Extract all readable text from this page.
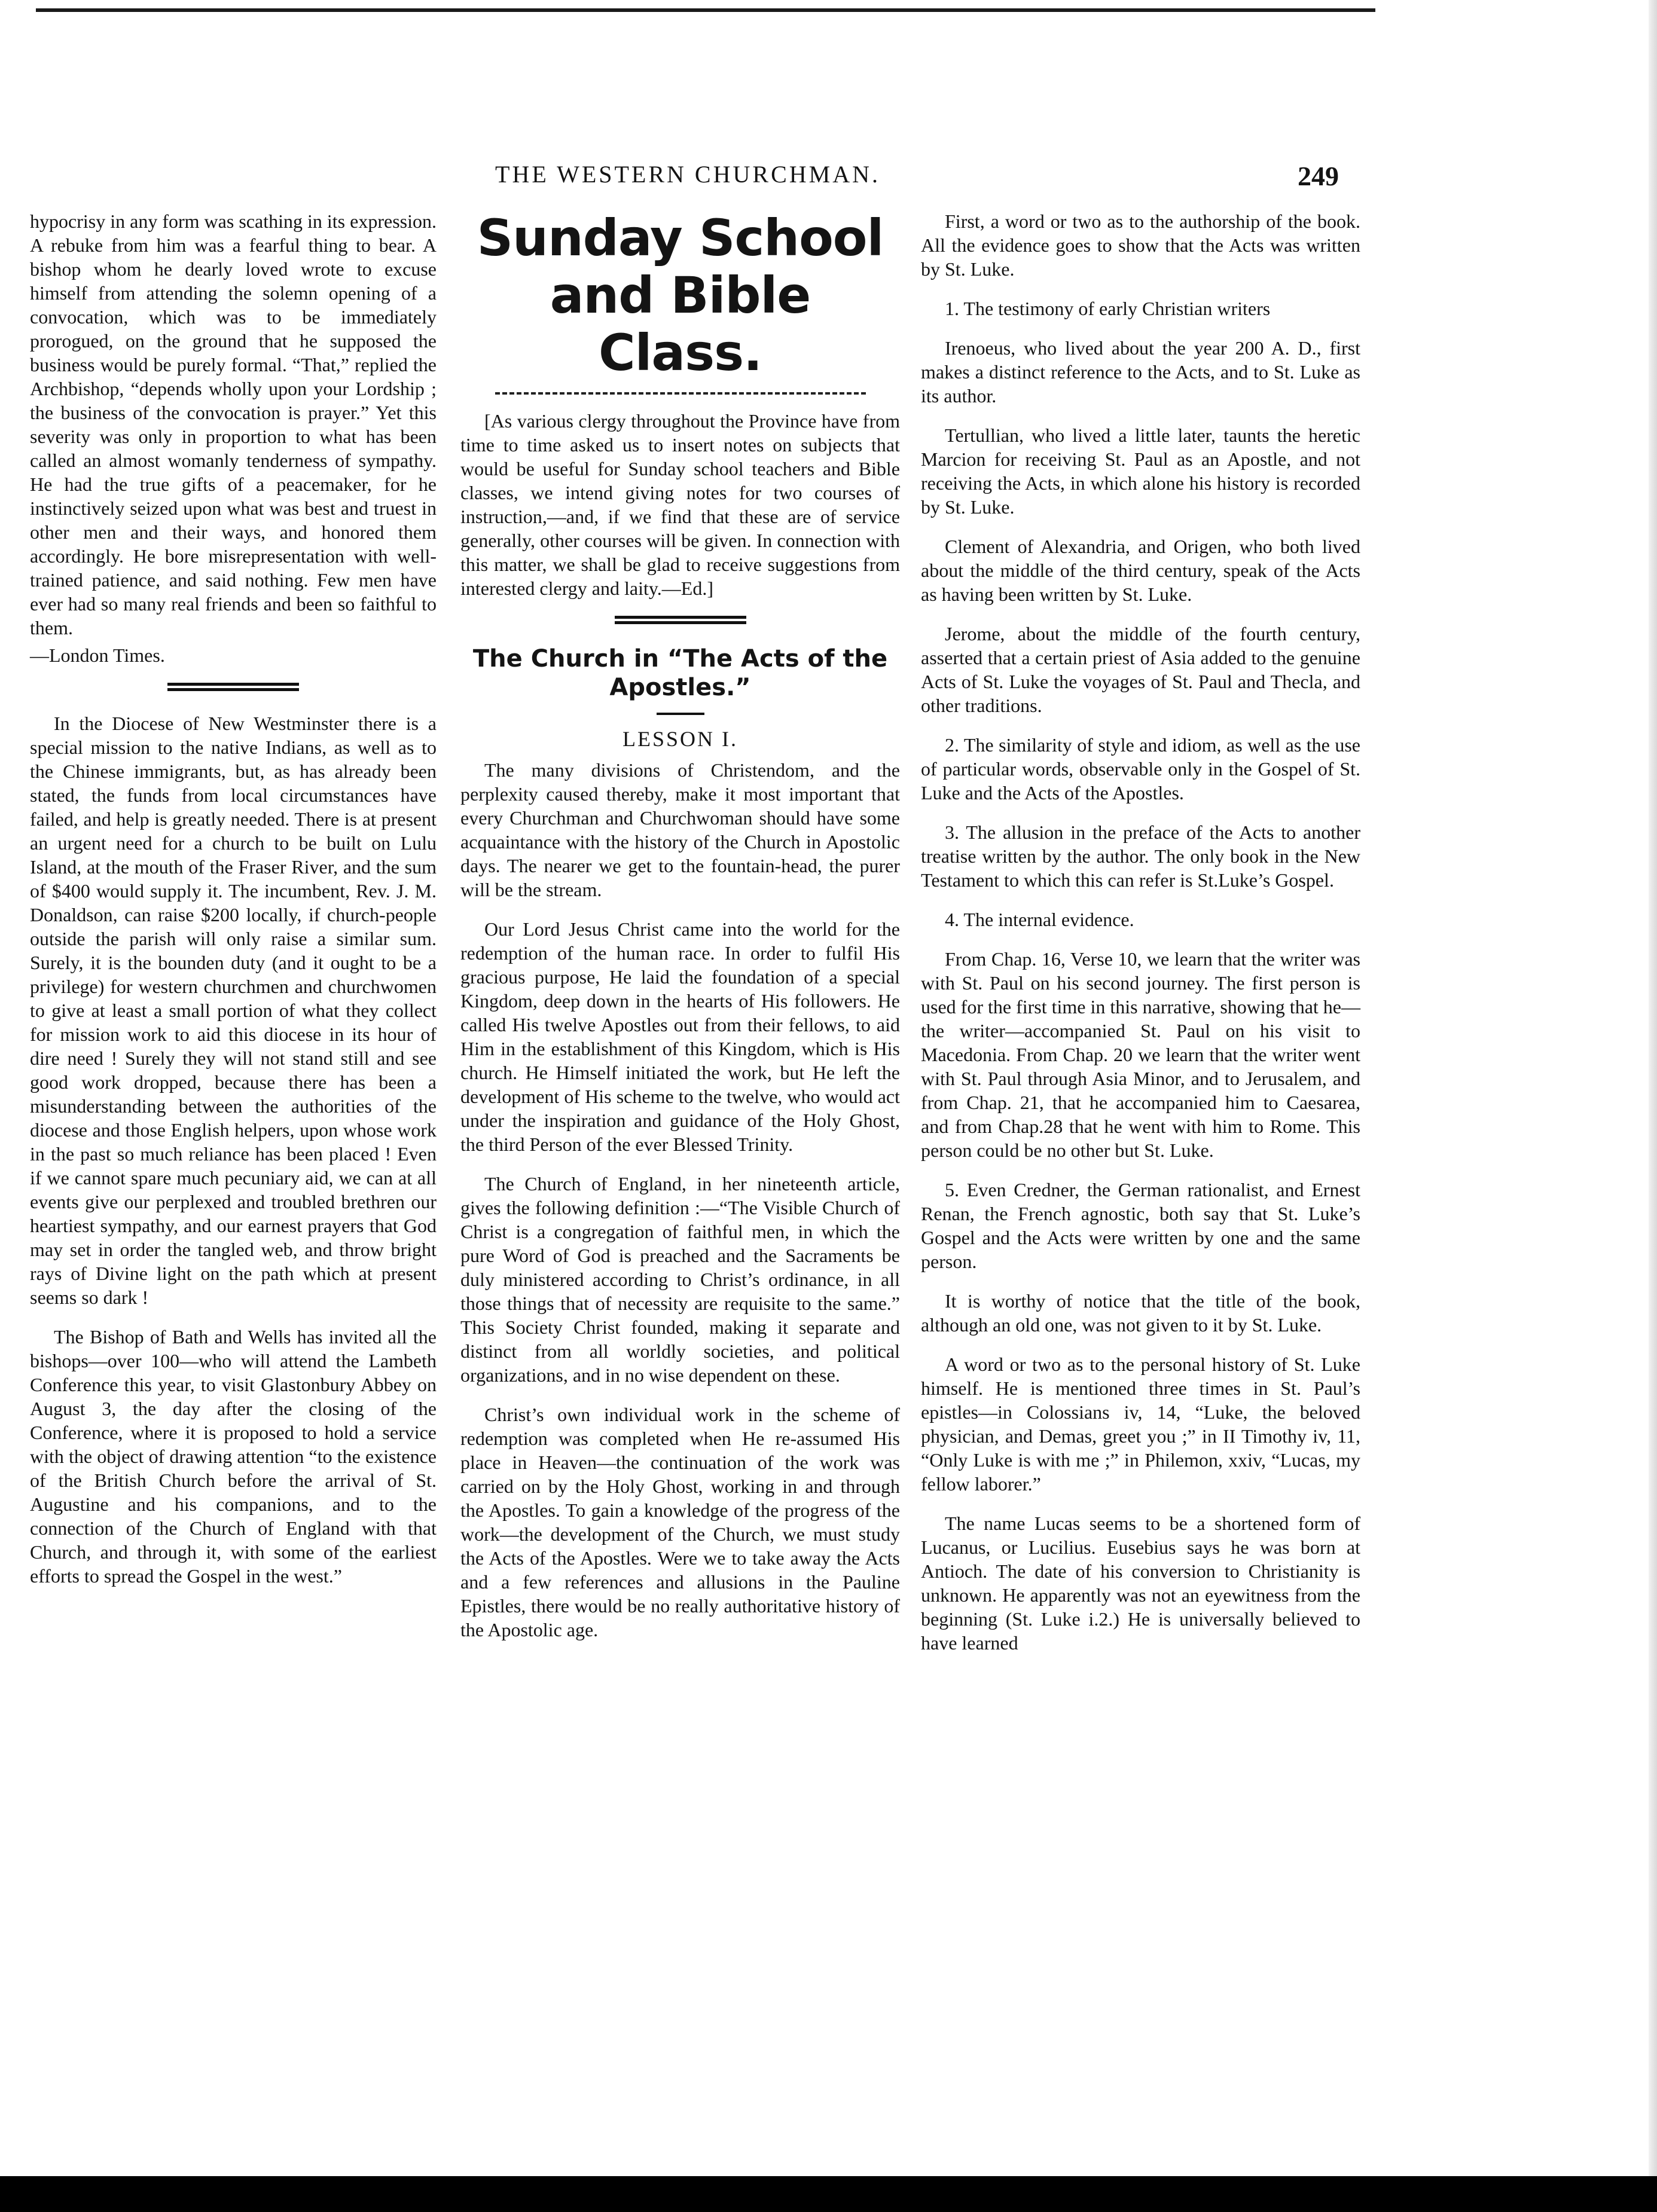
THE WESTERN CHURCHMAN.	249

hypocrisy in any form was scathing in its expression. A rebuke from him was a fearful thing to bear. A bishop whom he dearly loved wrote to excuse himself from attending the solemn opening of a convocation, which was to be immediately prorogued, on the ground that he supposed the business would be purely formal. “That,” replied the Archbishop, “depends wholly upon your Lordship ; the business of the convocation is prayer.” Yet this severity was only in proportion to what has been called an almost womanly tenderness of sympathy. He had the true gifts of a peacemaker, for he instinctively seized upon what was best and truest in other men and their ways, and honored them accordingly. He bore misrepresentation with well-trained patience, and said nothing. Few men have ever had so many real friends and been so faithful to them.

—London Times.

In the Diocese of New Westminster there is a special mission to the native Indians, as well as to the Chinese immigrants, but, as has already been stated, the funds from local circumstances have failed, and help is greatly needed. There is at present an urgent need for a church to be built on Lulu Island, at the mouth of the Fraser River, and the sum of $400 would supply it. The incumbent, Rev. J. M. Donaldson, can raise $200 locally, if church-people outside the parish will only raise a similar sum. Surely, it is the bounden duty (and it ought to be a privilege) for western churchmen and churchwomen to give at least a small portion of what they collect for mission work to aid this diocese in its hour of dire need ! Surely they will not stand still and see good work dropped, because there has been a misunderstanding between the authorities of the diocese and those English helpers, upon whose work in the past so much reliance has been placed ! Even if we cannot spare much pecuniary aid, we can at all events give our perplexed and troubled brethren our heartiest sympathy, and our earnest prayers that God may set in order the tangled web, and throw bright rays of Divine light on the path which at present seems so dark !

The Bishop of Bath and Wells has invited all the bishops—over 100—who will attend the Lambeth Conference this year, to visit Glastonbury Abbey on August 3, the day after the closing of the Conference, where it is proposed to hold a service with the object of drawing attention “to the existence of the British Church before the arrival of St. Augustine and his companions, and to the connection of the Church of England with that Church, and through it, with some of the earliest efforts to spread the Gospel in the west.”

Sunday School and Bible Class.

[As various clergy throughout the Province have from time to time asked us to insert notes on subjects that would be useful for Sunday school teachers and Bible classes, we intend giving notes for two courses of instruction,—and, if we find that these are of service generally, other courses will be given. In connection with this matter, we shall be glad to receive suggestions from interested clergy and laity.—Ed.]

The Church in “The Acts of the Apostles.”
LESSON I.

The many divisions of Christendom, and the perplexity caused thereby, make it most important that every Churchman and Churchwoman should have some acquaintance with the history of the Church in Apostolic days. The nearer we get to the fountain-head, the purer will be the stream.

Our Lord Jesus Christ came into the world for the redemption of the human race. In order to fulfil His gracious purpose, He laid the foundation of a special Kingdom, deep down in the hearts of His followers. He called His twelve Apostles out from their fellows, to aid Him in the establishment of this Kingdom, which is His church. He Himself initiated the work, but He left the development of His scheme to the twelve, who would act under the inspiration and guidance of the Holy Ghost, the third Person of the ever Blessed Trinity.

The Church of England, in her nineteenth article, gives the following definition :—“The Visible Church of Christ is a congregation of faithful men, in which the pure Word of God is preached and the Sacraments be duly ministered according to Christ’s ordinance, in all those things that of necessity are requisite to the same.” This Society Christ founded, making it separate and distinct from all worldly societies, and political organizations, and in no wise dependent on these.

Christ’s own individual work in the scheme of redemption was completed when He re-assumed His place in Heaven—the continuation of the work was carried on by the Holy Ghost, working in and through the Apostles. To gain a knowledge of the progress of the work—the development of the Church, we must study the Acts of the Apostles. Were we to take away the Acts and a few references and allusions in the Pauline Epistles, there would be no really authoritative history of the Apostolic age.

First, a word or two as to the authorship of the book. All the evidence goes to show that the Acts was written by St. Luke.

1. The testimony of early Christian writers

Irenoeus, who lived about the year 200 A. D., first makes a distinct reference to the Acts, and to St. Luke as its author.

Tertullian, who lived a little later, taunts the heretic Marcion for receiving St. Paul as an Apostle, and not receiving the Acts, in which alone his history is recorded by St. Luke.

Clement of Alexandria, and Origen, who both lived about the middle of the third century, speak of the Acts as having been written by St. Luke.

Jerome, about the middle of the fourth century, asserted that a certain priest of Asia added to the genuine Acts of St. Luke the voyages of St. Paul and Thecla, and other traditions.

2. The similarity of style and idiom, as well as the use of particular words, observable only in the Gospel of St. Luke and the Acts of the Apostles.

3. The allusion in the preface of the Acts to another treatise written by the author. The only book in the New Testament to which this can refer is St.Luke’s Gospel.

4. The internal evidence.

From Chap. 16, Verse 10, we learn that the writer was with St. Paul on his second journey. The first person is used for the first time in this narrative, showing that he—the writer—accompanied St. Paul on his visit to Macedonia. From Chap. 20 we learn that the writer went with St. Paul through Asia Minor, and to Jerusalem, and from Chap. 21, that he accompanied him to Caesarea, and from Chap.28 that he went with him to Rome. This person could be no other but St. Luke.

5. Even Credner, the German rationalist, and Ernest Renan, the French agnostic, both say that St. Luke’s Gospel and the Acts were written by one and the same person.

It is worthy of notice that the title of the book, although an old one, was not given to it by St. Luke.

A word or two as to the personal history of St. Luke himself. He is mentioned three times in St. Paul’s epistles—in Colossians iv, 14, “Luke, the beloved physician, and Demas, greet you ;” in II Timothy iv, 11, “Only Luke is with me ;” in Philemon, xxiv, “Lucas, my fellow laborer.”

The name Lucas seems to be a shortened form of Lucanus, or Lucilius. Eusebius says he was born at Antioch. The date of his conversion to Christianity is unknown. He apparently was not an eyewitness from the beginning (St. Luke i.2.) He is universally believed to have learned
